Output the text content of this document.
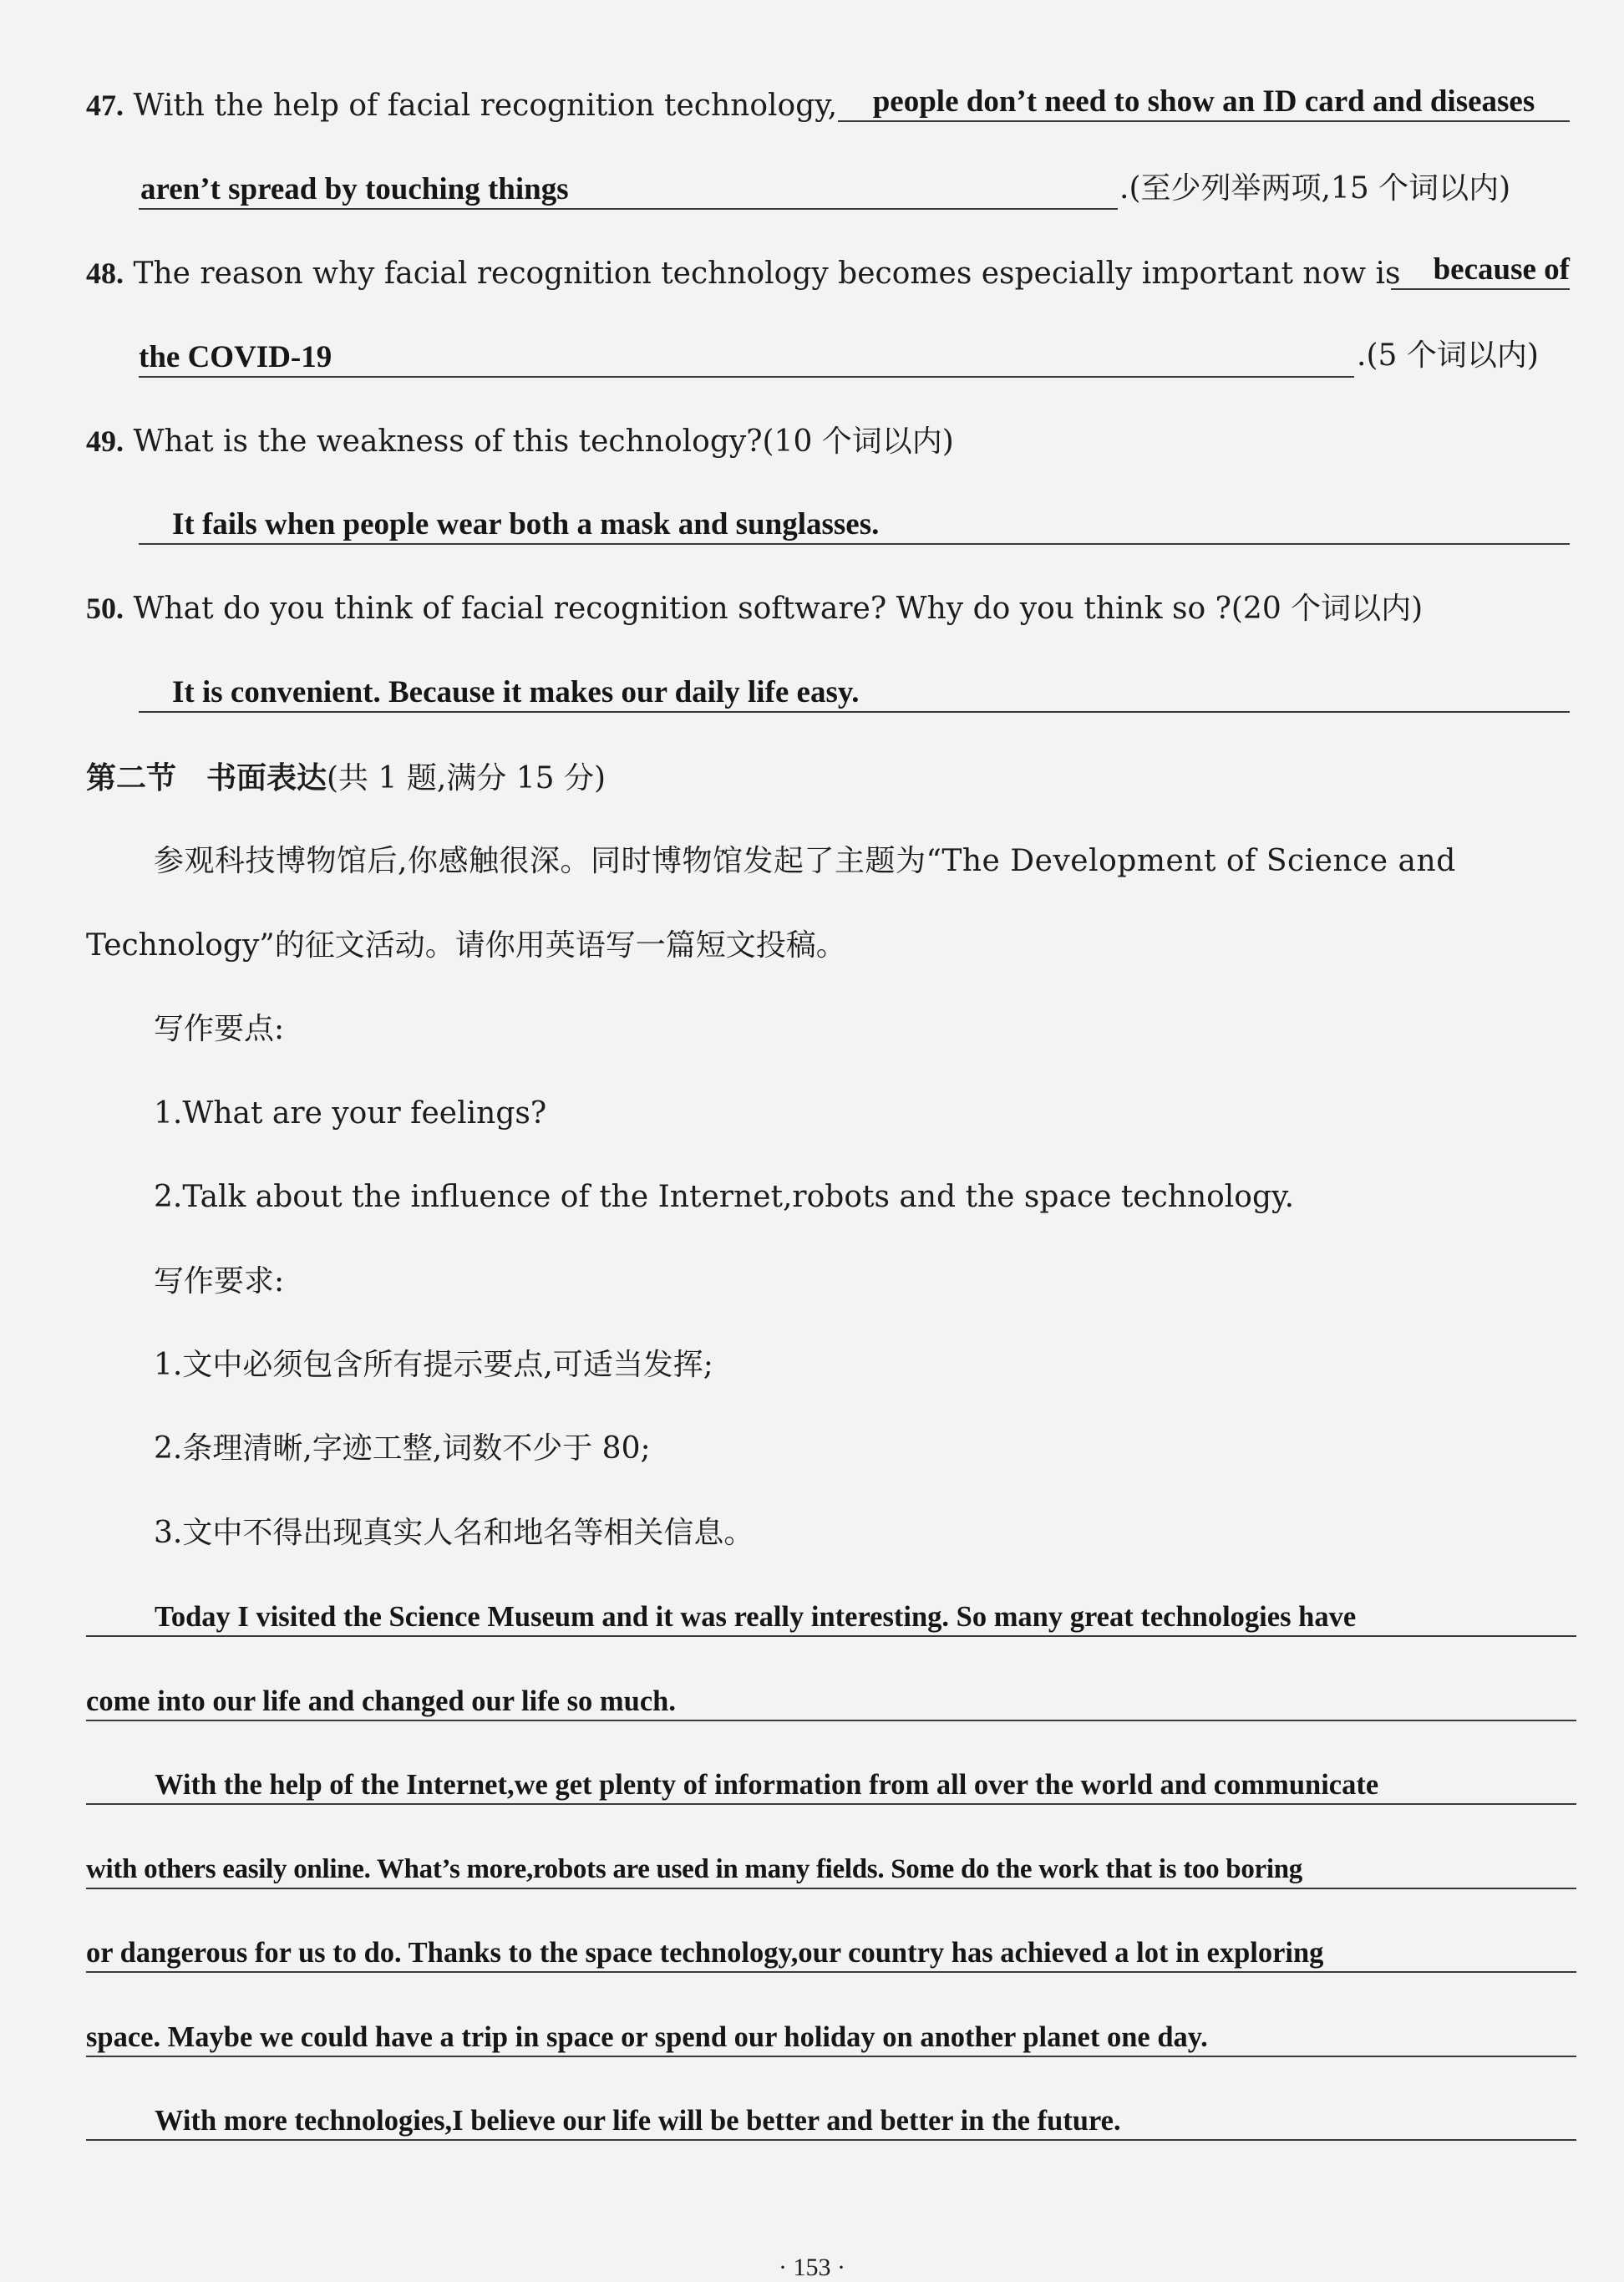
47. With the help of facial recognition technology,	people don’t need to show an ID card and diseases
aren’t spread by touching things	.(至少列举两项,15 个词以内)
48. The reason why facial recognition technology becomes especially important now is	because of
the COVID-19	.(5 个词以内)
49. What is the weakness of this technology?(10 个词以内)
It fails when people wear both a mask and sunglasses.
50. What do you think of facial recognition software? Why do you think so ?(20 个词以内)
It is convenient. Because it makes our daily life easy.
第二节　书面表达(共 1 题,满分 15 分)
参观科技博物馆后,你感触很深。同时博物馆发起了主题为“The Development of Science and
Technology”的征文活动。请你用英语写一篇短文投稿。
写作要点:
1.What are your feelings?
2.Talk about the influence of the Internet,robots and the space technology.
写作要求:
1.文中必须包含所有提示要点,可适当发挥;
2.条理清晰,字迹工整,词数不少于 80;
3.文中不得出现真实人名和地名等相关信息。
Today I visited the Science Museum and it was really interesting. So many great technologies have
come into our life and changed our life so much.
With the help of the Internet,we get plenty of information from all over the world and communicate
with others easily online. What’s more,robots are used in many fields. Some do the work that is too boring
or dangerous for us to do. Thanks to the space technology,our country has achieved a lot in exploring
space. Maybe we could have a trip in space or spend our holiday on another planet one day.
With more technologies,I believe our life will be better and better in the future.
· 153 ·
